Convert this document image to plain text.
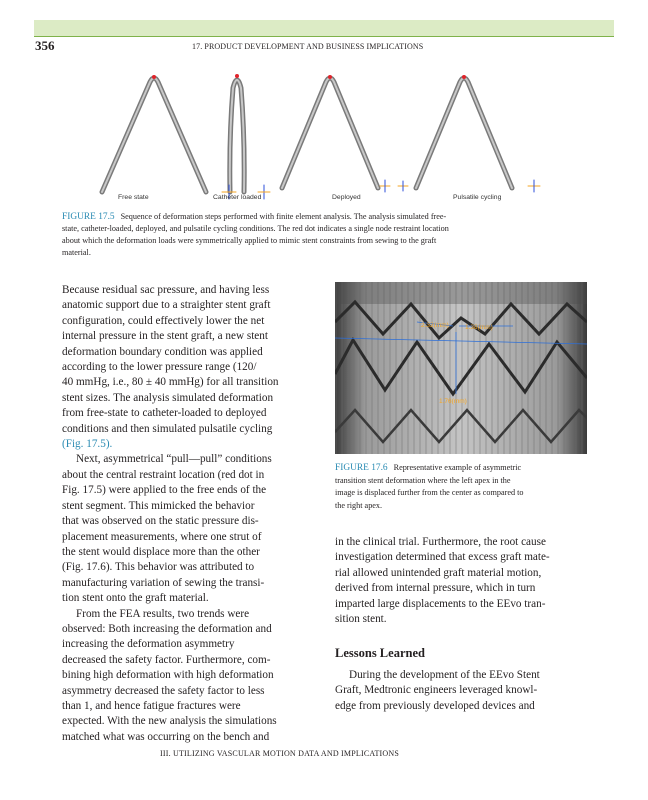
356	17. PRODUCT DEVELOPMENT AND BUSINESS IMPLICATIONS
Free state	Catheter loaded	Deployed	Pulsatile cycling
FIGURE 17.5 Sequence of deformation steps performed with finite element analysis. The analysis simulated free-
state, catheter-loaded, deployed, and pulsatile cycling conditions. The red dot indicates a single node restraint location
about which the deformation loads were symmetrically applied to mimic stent constraints from sewing to the graft
material.

Because residual sac pressure, and having less

anatomic support due to a straighter stent graft

configuration, could effectively lower the net

internal pressure in the stent graft, a new stent

deformation boundary condition was applied

according to the lower pressure range (120/

40 mmHg, i.e., 80 ± 40 mmHg) for all transition

stent sizes. The analysis simulated deformation

from free-state to catheter-loaded to deployed

conditions and then simulated pulsatile cycling

(Fig. 17.5).

Next, asymmetrical “pull—pull” conditions

about the central restraint location (red dot in

Fig. 17.5) were applied to the free ends of the

stent segment. This mimicked the behavior

that was observed on the static pressure dis-

placement measurements, where one strut of

the stent would displace more than the other

(Fig. 17.6). This behavior was attributed to

manufacturing variation of sewing the transi-

tion stent onto the graft material.

From the FEA results, two trends were

observed: Both increasing the deformation and

increasing the deformation asymmetry

decreased the safety factor. Furthermore, com-

bining high deformation with high deformation

asymmetry decreased the safety factor to less

than 1, and hence fatigue fractures were

expected. With the new analysis the simulations

matched what was occurring on the bench and

2.32(mm) 1.38(mm)
1.76(mm)
FIGURE 17.6 Representative example of asymmetric
transition stent deformation where the left apex in the
image is displaced further from the center as compared to
the right apex.

in the clinical trial. Furthermore, the root cause

investigation determined that excess graft mate-

rial allowed unintended graft material motion,

derived from internal pressure, which in turn

imparted large displacements to the EEvo tran-

sition stent.

Lessons Learned

During the development of the EEvo Stent

Graft, Medtronic engineers leveraged knowl-

edge from previously developed devices and

III. UTILIZING VASCULAR MOTION DATA AND IMPLICATIONS
